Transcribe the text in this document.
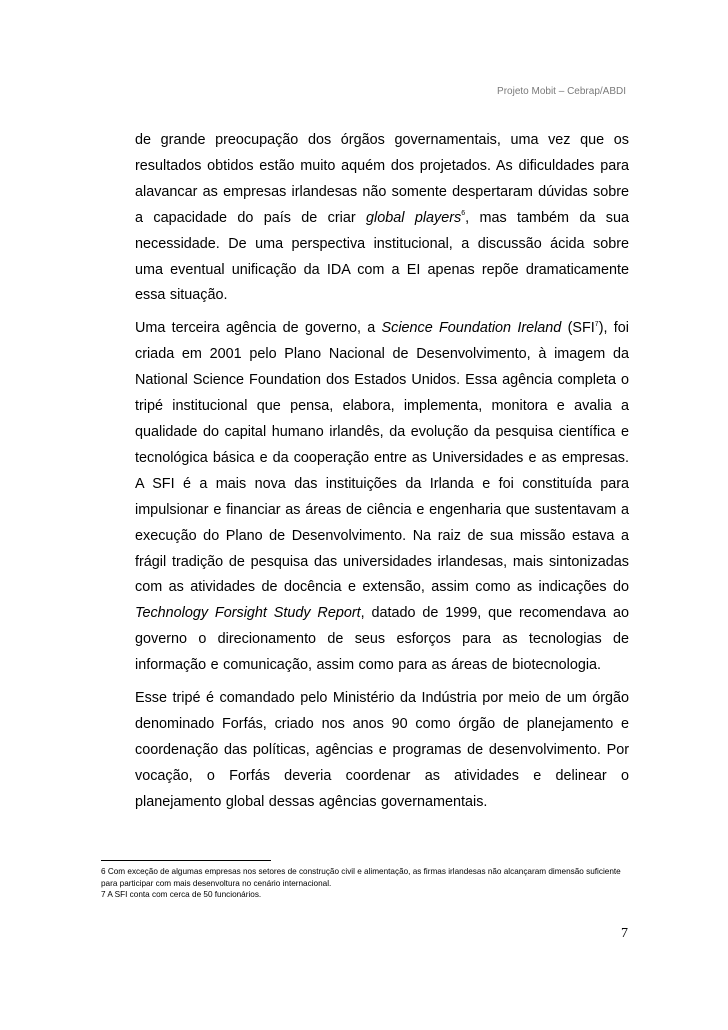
Projeto Mobit – Cebrap/ABDI

de grande preocupação dos órgãos governamentais, uma vez que os resultados obtidos estão muito aquém dos projetados. As dificuldades para alavancar as empresas irlandesas não somente despertaram dúvidas sobre a capacidade do país de criar global players$^6$, mas também da sua necessidade. De uma perspectiva institucional, a discussão ácida sobre uma eventual unificação da IDA com a EI apenas repõe dramaticamente essa situação.

Uma terceira agência de governo, a Science Foundation Ireland (SFI$^7$), foi criada em 2001 pelo Plano Nacional de Desenvolvimento, à imagem da National Science Foundation dos Estados Unidos. Essa agência completa o tripé institucional que pensa, elabora, implementa, monitora e avalia a qualidade do capital humano irlandês, da evolução da pesquisa científica e tecnológica básica e da cooperação entre as Universidades e as empresas. A SFI é a mais nova das instituições da Irlanda e foi constituída para impulsionar e financiar as áreas de ciência e engenharia que sustentavam a execução do Plano de Desenvolvimento. Na raiz de sua missão estava a frágil tradição de pesquisa das universidades irlandesas, mais sintonizadas com as atividades de docência e extensão, assim como as indicações do Technology Forsight Study Report, datado de 1999, que recomendava ao governo o direcionamento de seus esforços para as tecnologias de informação e comunicação, assim como para as áreas de biotecnologia.

Esse tripé é comandado pelo Ministério da Indústria por meio de um órgão denominado Forfás, criado nos anos 90 como órgão de planejamento e coordenação das políticas, agências e programas de desenvolvimento. Por vocação, o Forfás deveria coordenar as atividades e delinear o planejamento global dessas agências governamentais.

6 Com exceção de algumas empresas nos setores de construção civil e alimentação, as firmas irlandesas não alcançaram dimensão suficiente para participar com mais desenvoltura no cenário internacional.
7 A SFI conta com cerca de 50 funcionários.
7
